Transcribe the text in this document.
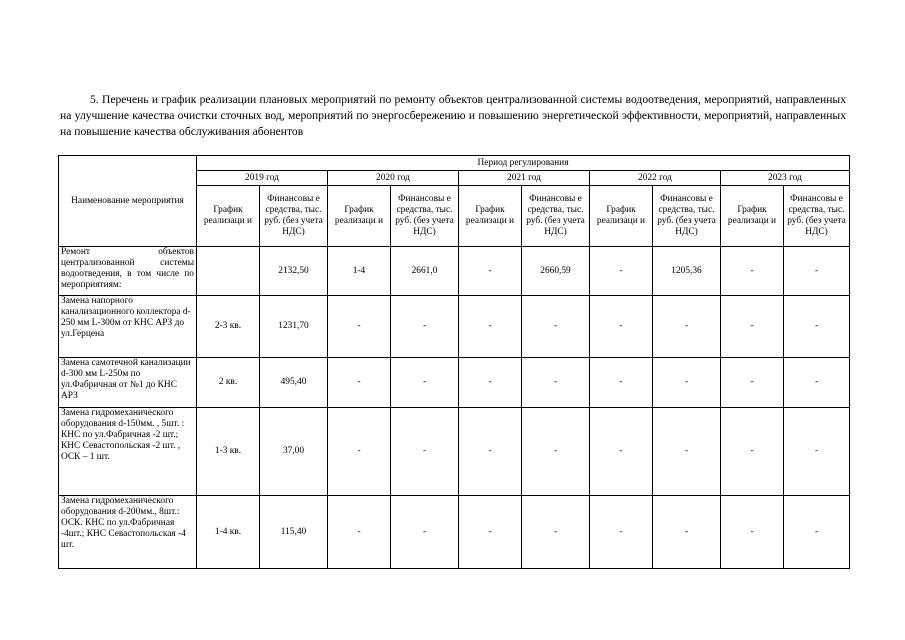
5. Перечень и график реализации плановых мероприятий по ремонту объектов централизованной системы водоотведения, мероприятий, направленных на улучшение качества очистки сточных вод, мероприятий по энергосбережению и повышению энергетической эффективности, мероприятий, направленных на повышение качества обслуживания абонентов
Наименование мероприятия	Период регулирования									
	2019 год		2020 год		2021 год		2022 год		2023 год	
	График реализаци и	Финансовы е средства, тыс. руб. (без учета НДС)	График реализаци и	Финансовы е средства, тыс. руб. (без учета НДС)	График реализаци и	Финансовы е средства, тыс. руб. (без учета НДС)	График реализаци и	Финансовы е средства, тыс. руб. (без учета НДС)	График реализаци и	Финансовы е средства, тыс. руб. (без учета НДС)
Ремонт объектов централизованной системы водоотведения, в том числе по мероприятиям:		2132,50	1-4	2661,0	-	2660,59	-	1205,36	-	-
Замена напорного канализационного коллектора d-250 мм L-300м от КНС АРЗ до ул.Герцена	2-3 кв.	1231,70	-	-	-	-	-	-	-	-
Замена самотечной канализации d-300 мм L-250м по ул.Фабричная от №1 до КНС АРЗ	2 кв.	495,40	-	-	-	-	-	-	-	-
Замена гидромеханического оборудования d-150мм. , 5шт. : КНС по ул.Фабричная -2 шт.; КНС Севастопольская -2 шт. , ОСК – 1 шт.	1-3 кв.	37,00	-	-	-	-	-	-	-	-
Замена гидромеханического оборудования d-200мм., 8шт.: ОСК. КНС по ул.Фабричная -4шт.; КНС Севастопольская -4 шт.	1-4 кв.	115,40	-	-	-	-	-	-	-	-
